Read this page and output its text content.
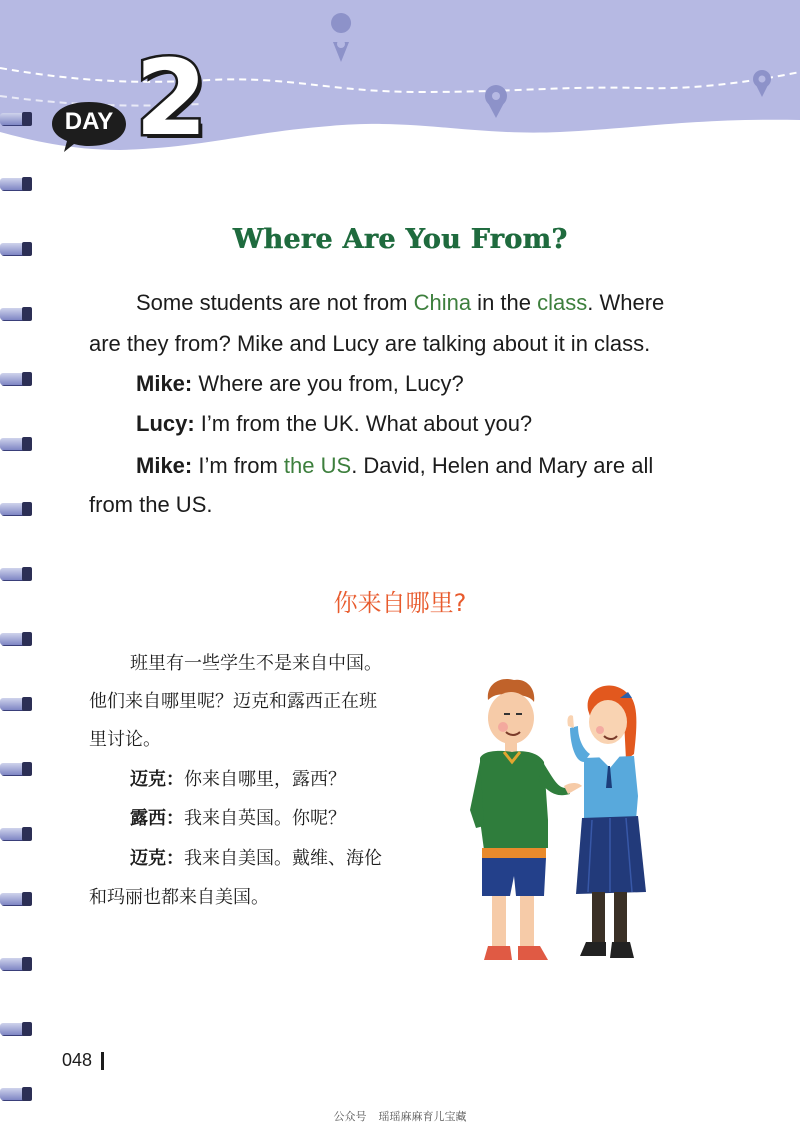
DAY 2
Where Are You From?
Some students are not from China in the class. Where
are they from? Mike and Lucy are talking about it in class.
Mike: Where are you from, Lucy?
Lucy: I’m from the UK. What about you?
Mike: I’m from the US. David, Helen and Mary are all
from the US.
你来自哪里?
班里有一些学生不是来自中国。
他们来自哪里呢？迈克和露西正在班
里讨论。
迈克：你来自哪里，露西？
露西：我来自英国。你呢？
迈克：我来自美国。戴维、海伦
和玛丽也都来自美国。
048
公众号 瑶瑶麻麻育儿宝藏
